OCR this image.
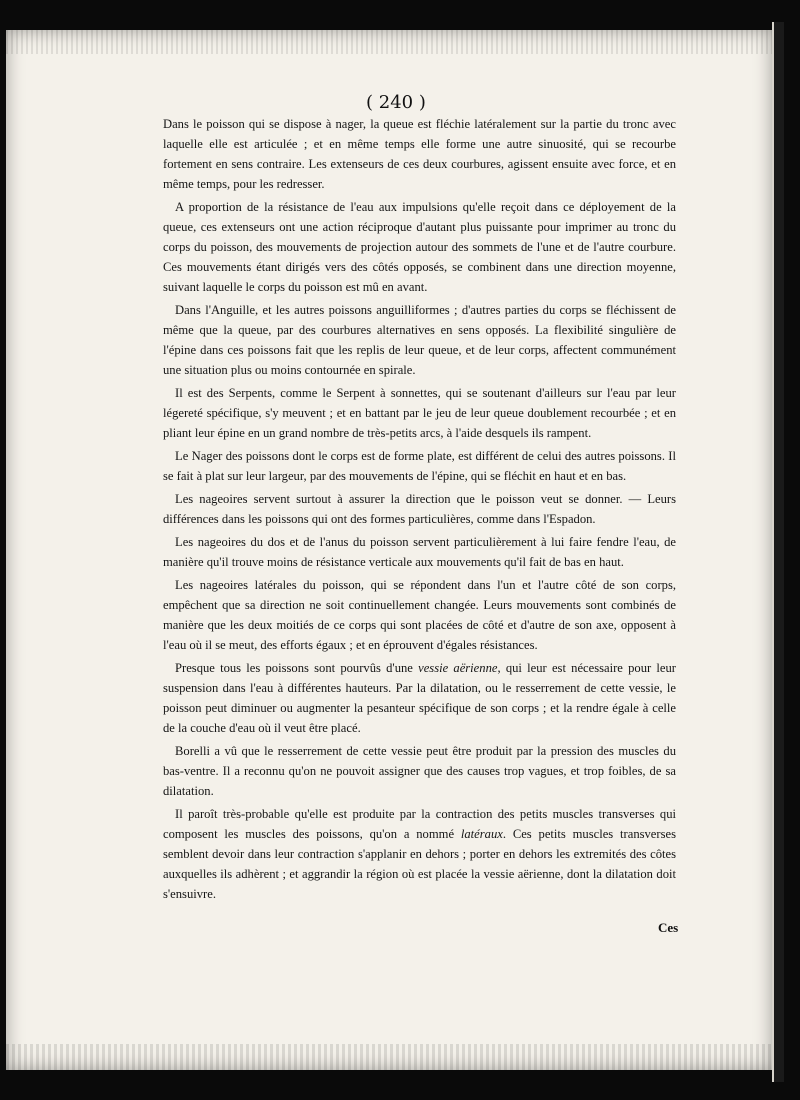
( 240 )

Dans le poisson qui se dispose à nager, la queue est fléchie latéralement sur la partie du tronc avec laquelle elle est articulée ; et en même temps elle forme une autre sinuosité, qui se recourbe fortement en sens contraire. Les extenseurs de ces deux courbures, agissent ensuite avec force, et en même temps, pour les redresser.

A proportion de la résistance de l'eau aux impulsions qu'elle reçoit dans ce déployement de la queue, ces extenseurs ont une action réciproque d'autant plus puissante pour imprimer au tronc du corps du poisson, des mouvements de projection autour des sommets de l'une et de l'autre courbure. Ces mouvements étant dirigés vers des côtés opposés, se combinent dans une direction moyenne, suivant laquelle le corps du poisson est mû en avant.

Dans l'Anguille, et les autres poissons anguilliformes ; d'autres parties du corps se fléchissent de même que la queue, par des courbures alternatives en sens opposés. La flexibilité singulière de l'épine dans ces poissons fait que les replis de leur queue, et de leur corps, affectent communément une situation plus ou moins contournée en spirale.

Il est des Serpents, comme le Serpent à sonnettes, qui se soutenant d'ailleurs sur l'eau par leur légereté spécifique, s'y meuvent ; et en battant par le jeu de leur queue doublement recourbée ; et en pliant leur épine en un grand nombre de très-petits arcs, à l'aide desquels ils rampent.

Le Nager des poissons dont le corps est de forme plate, est différent de celui des autres poissons. Il se fait à plat sur leur largeur, par des mouvements de l'épine, qui se fléchit en haut et en bas.

Les nageoires servent surtout à assurer la direction que le poisson veut se donner. — Leurs différences dans les poissons qui ont des formes particulières, comme dans l'Espadon.

Les nageoires du dos et de l'anus du poisson servent particulièrement à lui faire fendre l'eau, de manière qu'il trouve moins de résistance verticale aux mouvements qu'il fait de bas en haut.

Les nageoires latérales du poisson, qui se répondent dans l'un et l'autre côté de son corps, empêchent que sa direction ne soit continuellement changée. Leurs mouvements sont combinés de manière que les deux moitiés de ce corps qui sont placées de côté et d'autre de son axe, opposent à l'eau où il se meut, des efforts égaux ; et en éprouvent d'égales résistances.

Presque tous les poissons sont pourvûs d'une vessie aërienne, qui leur est nécessaire pour leur suspension dans l'eau à différentes hauteurs. Par la dilatation, ou le resserrement de cette vessie, le poisson peut diminuer ou augmenter la pesanteur spécifique de son corps ; et la rendre égale à celle de la couche d'eau où il veut être placé.

Borelli a vû que le resserrement de cette vessie peut être produit par la pression des muscles du bas-ventre. Il a reconnu qu'on ne pouvoit assigner que des causes trop vagues, et trop foibles, de sa dilatation.

Il paroît très-probable qu'elle est produite par la contraction des petits muscles transverses qui composent les muscles des poissons, qu'on a nommé latéraux. Ces petits muscles transverses semblent devoir dans leur contraction s'applanir en dehors ; porter en dehors les extremités des côtes auxquelles ils adhèrent ; et aggrandir la région où est placée la vessie aërienne, dont la dilatation doit s'ensuivre.

Ces
